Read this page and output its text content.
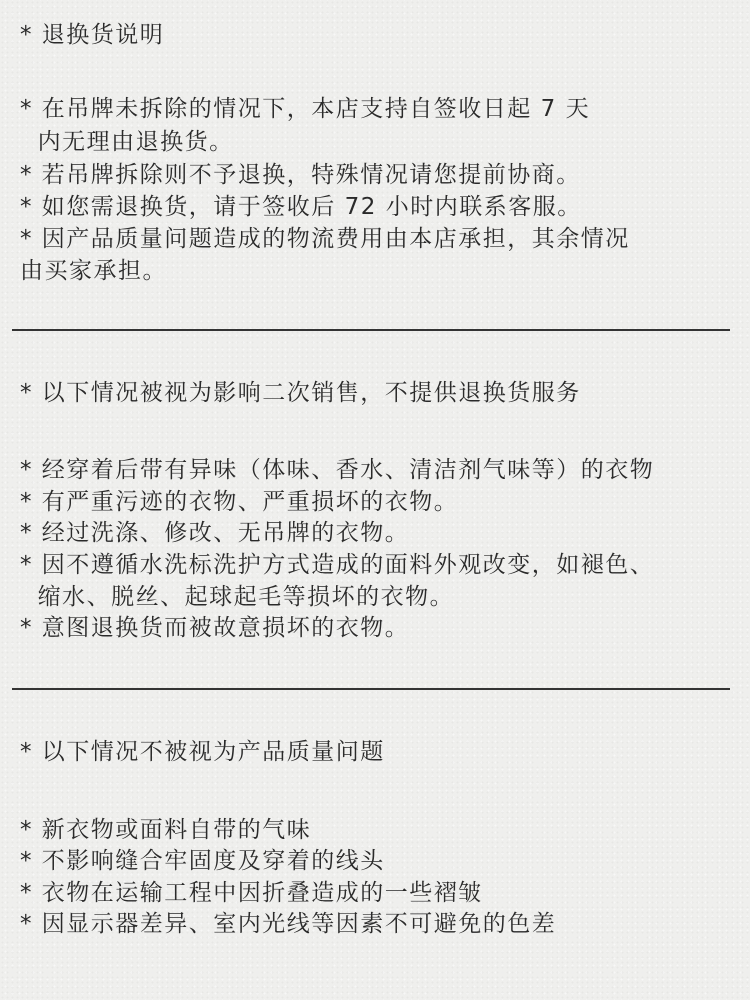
* 退换货说明
* 在吊牌未拆除的情况下，本店支持自签收日起 7 天
内无理由退换货。
* 若吊牌拆除则不予退换，特殊情况请您提前协商。
* 如您需退换货，请于签收后 72 小时内联系客服。
* 因产品质量问题造成的物流费用由本店承担，其余情况
由买家承担。
* 以下情况被视为影响二次销售，不提供退换货服务
* 经穿着后带有异味（体味、香水、清洁剂气味等）的衣物
* 有严重污迹的衣物、严重损坏的衣物。
* 经过洗涤、修改、无吊牌的衣物。
* 因不遵循水洗标洗护方式造成的面料外观改变，如褪色、
缩水、脱丝、起球起毛等损坏的衣物。
* 意图退换货而被故意损坏的衣物。
* 以下情况不被视为产品质量问题
* 新衣物或面料自带的气味
* 不影响缝合牢固度及穿着的线头
* 衣物在运输工程中因折叠造成的一些褶皱
* 因显示器差异、室内光线等因素不可避免的色差
